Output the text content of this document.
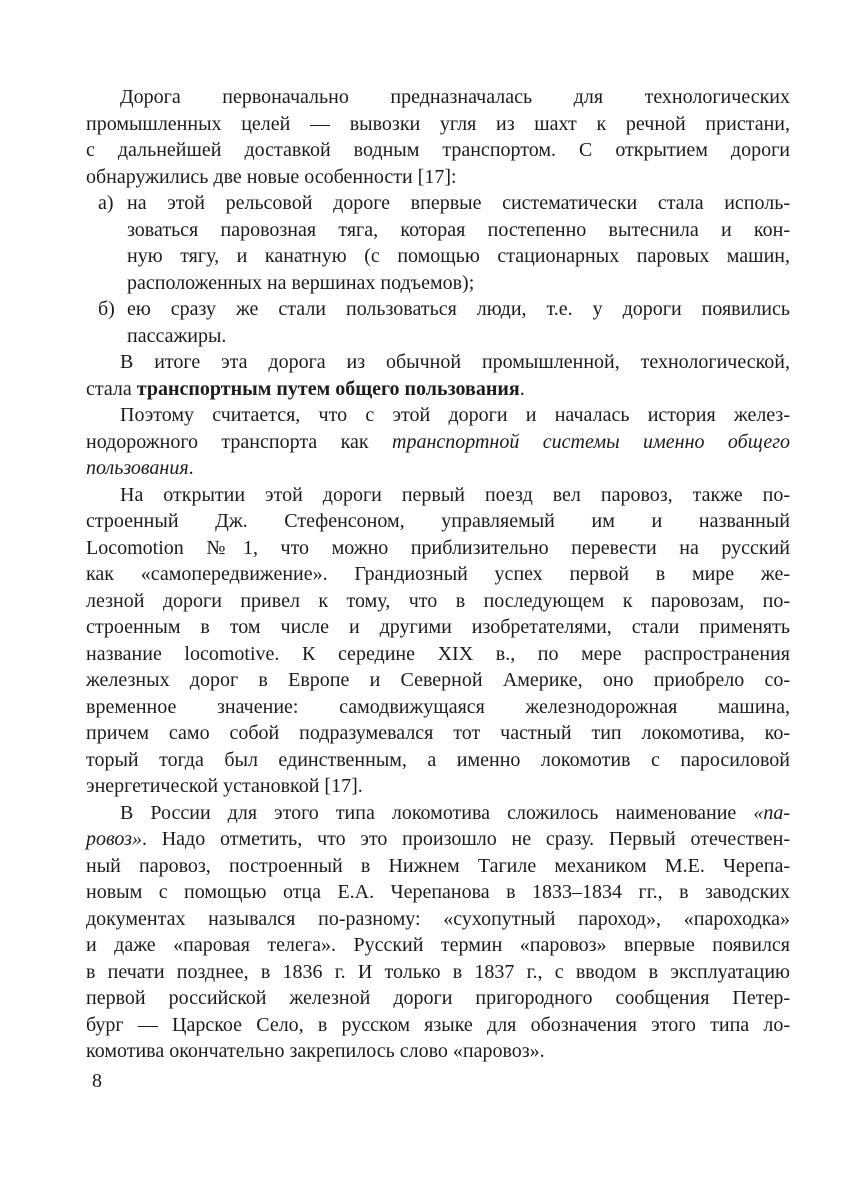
Дорога первоначально предназначалась для технологических
промышленных целей — вывозки угля из шахт к речной пристани,
с дальнейшей доставкой водным транспортом. С открытием дороги
обнаружились две новые особенности [17]:
а) на этой рельсовой дороге впервые систематически стала исполь-
зоваться паровозная тяга, которая постепенно вытеснила и кон-
ную тягу, и канатную (с помощью стационарных паровых машин,
расположенных на вершинах подъемов);
б) ею сразу же стали пользоваться люди, т.е. у дороги появились
пассажиры.
В итоге эта дорога из обычной промышленной, технологической,
стала транспортным путем общего пользования.
Поэтому считается, что с этой дороги и началась история желез-
нодорожного транспорта как транспортной системы именно общего
пользования.
На открытии этой дороги первый поезд вел паровоз, также по-
строенный Дж. Стефенсоном, управляемый им и названный
Locomotion №1, что можно приблизительно перевести на русский
как «самопередвижение». Грандиозный успех первой в мире же-
лезной дороги привел к тому, что в последующем к паровозам, по-
строенным в том числе и другими изобретателями, стали применять
название locomotive. К середине XIX в., по мере распространения
железных дорог в Европе и Северной Америке, оно приобрело со-
временное значение: самодвижущаяся железнодорожная машина,
причем само собой подразумевался тот частный тип локомотива, ко-
торый тогда был единственным, а именно локомотив с паросиловой
энергетической установкой [17].
В России для этого типа локомотива сложилось наименование «па-
ровоз». Надо отметить, что это произошло не сразу. Первый отечествен-
ный паровоз, построенный в Нижнем Тагиле механиком М.Е. Черепа-
новым с помощью отца Е.А. Черепанова в 1833–1834 гг., в заводских
документах назывался по-разному: «сухопутный пароход», «пароходка»
и даже «паровая телега». Русский термин «паровоз» впервые появился
в печати позднее, в 1836 г. И только в 1837 г., с вводом в эксплуатацию
первой российской железной дороги пригородного сообщения Петер-
бург — Царское Село, в русском языке для обозначения этого типа ло-
комотива окончательно закрепилось слово «паровоз».
8
